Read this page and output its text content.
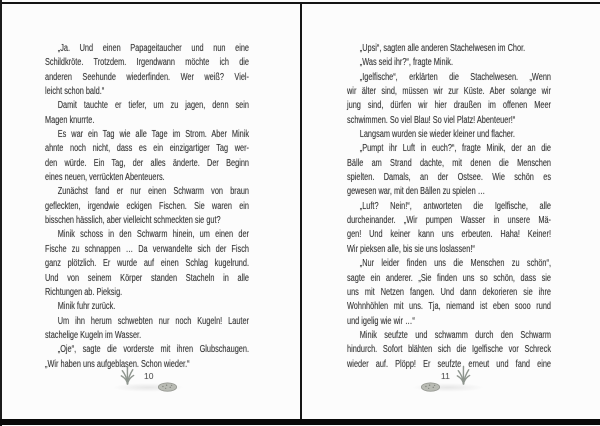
„Ja. Und einen Papageitaucher und nun eine
Schildkröte. Trotzdem. Irgendwann möchte ich die
anderen Seehunde wiederfinden. Wer weiß? Viel-
leicht schon bald.“
Damit tauchte er tiefer, um zu jagen, denn sein
Magen knurrte.
Es war ein Tag wie alle Tage im Strom. Aber Minik
ahnte noch nicht, dass es ein einzigartiger Tag wer-
den würde. Ein Tag, der alles änderte. Der Beginn
eines neuen, verrückten Abenteuers.
Zunächst fand er nur einen Schwarm von braun
gefleckten, irgendwie eckigen Fischen. Sie waren ein
bisschen hässlich, aber vielleicht schmeckten sie gut?
Minik schoss in den Schwarm hinein, um einen der
Fische zu schnappen … Da verwandelte sich der Fisch
ganz plötzlich. Er wurde auf einen Schlag kugelrund.
Und von seinem Körper standen Stacheln in alle
Richtungen ab. Pieksig.
Minik fuhr zurück.
Um ihn herum schwebten nur noch Kugeln! Lauter
stachelige Kugeln im Wasser.
„Oje“, sagte die vorderste mit ihren Glubschaugen.
„Wir haben uns aufgeblasen. Schon wieder.“
10
„Upsi“, sagten alle anderen Stachelwesen im Chor.
„Was seid ihr?“, fragte Minik.
„Igelfische“, erklärten die Stachelwesen. „Wenn
wir älter sind, müssen wir zur Küste. Aber solange wir
jung sind, dürfen wir hier draußen im offenen Meer
schwimmen. So viel Blau! So viel Platz! Abenteuer!“
Langsam wurden sie wieder kleiner und flacher.
„Pumpt ihr Luft in euch?“, fragte Minik, der an die
Bälle am Strand dachte, mit denen die Menschen
spielten. Damals, an der Ostsee. Wie schön es
gewesen war, mit den Bällen zu spielen …
„Luft? Nein!“, antworteten die Igelfische, alle
durcheinander. „Wir pumpen Wasser in unsere Mä-
gen! Und keiner kann uns erbeuten. Haha! Keiner!
Wir pieksen alle, bis sie uns loslassen!“
„Nur leider finden uns die Menschen zu schön“,
sagte ein anderer. „Sie finden uns so schön, dass sie
uns mit Netzen fangen. Und dann dekorieren sie ihre
Wohnhöhlen mit uns. Tja, niemand ist eben sooo rund
und igelig wie wir …“
Minik seufzte und schwamm durch den Schwarm
hindurch. Sofort blähten sich die Igelfische vor Schreck
wieder auf. Plöpp! Er seufzte erneut und fand eine
11
